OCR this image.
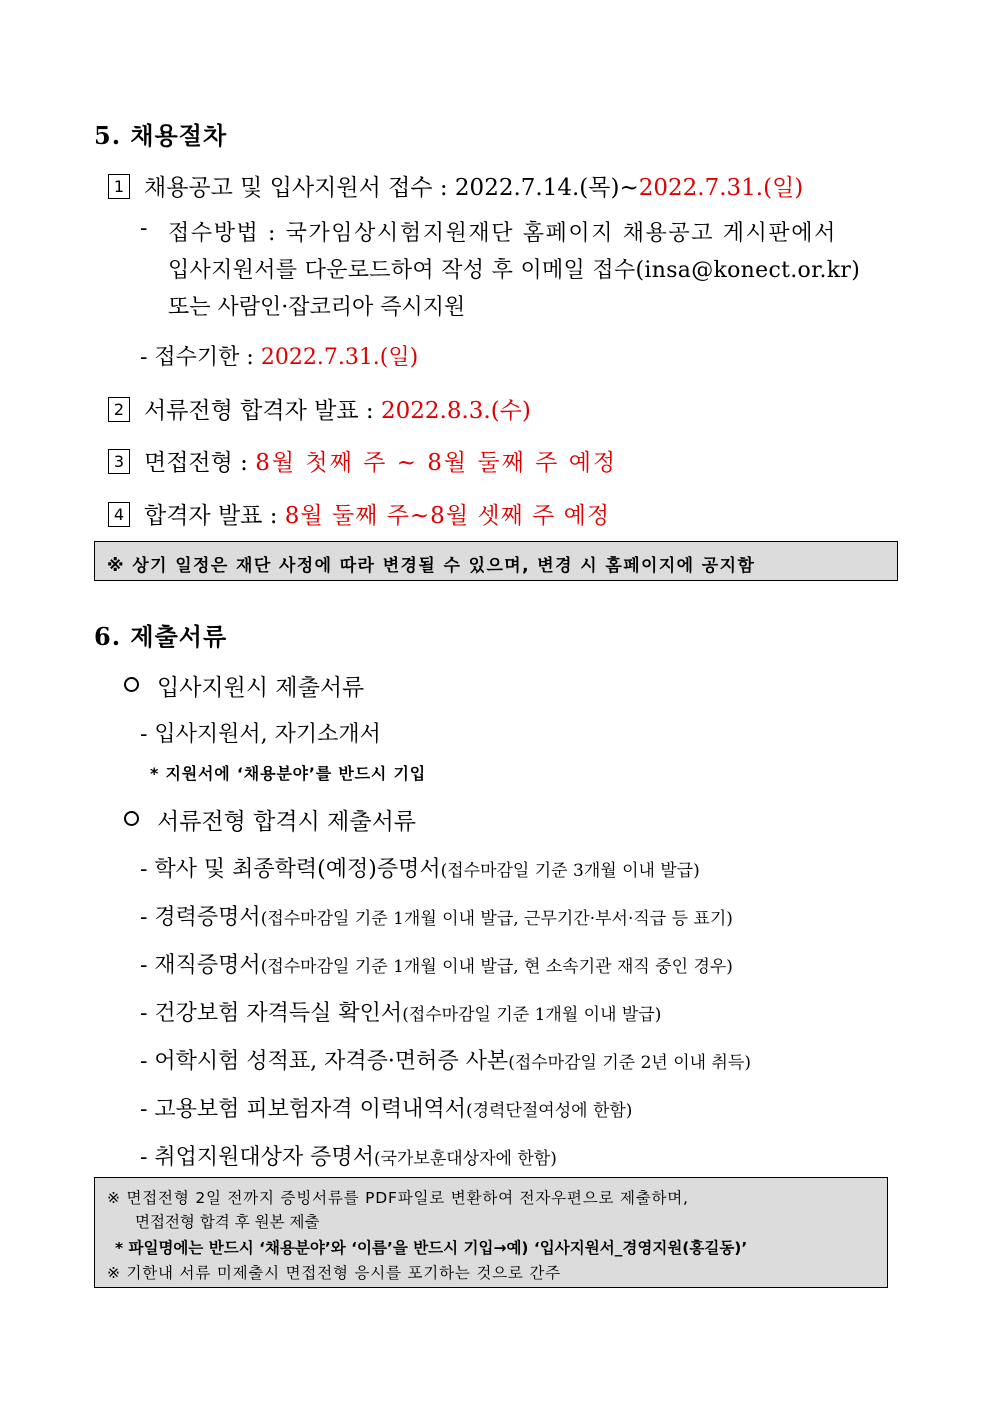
5. 채용절차
1 채용공고 및 입사지원서 접수 : 2022.7.14.(목)~2022.7.31.(일)
- 접수방법 : 국가임상시험지원재단 홈페이지 채용공고 게시판에서
입사지원서를 다운로드하여 작성 후 이메일 접수(insa@konect.or.kr)
또는 사람인·잡코리아 즉시지원
- 접수기한 : 2022.7.31.(일)
2 서류전형 합격자 발표 : 2022.8.3.(수)
3 면접전형 : 8월 첫째 주 ~ 8월 둘째 주 예정
4 합격자 발표 : 8월 둘째 주~8월 셋째 주 예정
※ 상기 일정은 재단 사정에 따라 변경될 수 있으며, 변경 시 홈페이지에 공지함
6. 제출서류
입사지원시 제출서류
- 입사지원서, 자기소개서
* 지원서에 ‘채용분야’를 반드시 기입
서류전형 합격시 제출서류
- 학사 및 최종학력(예정)증명서(접수마감일 기준 3개월 이내 발급)
- 경력증명서(접수마감일 기준 1개월 이내 발급, 근무기간·부서·직급 등 표기)
- 재직증명서(접수마감일 기준 1개월 이내 발급, 현 소속기관 재직 중인 경우)
- 건강보험 자격득실 확인서(접수마감일 기준 1개월 이내 발급)
- 어학시험 성적표, 자격증·면허증 사본(접수마감일 기준 2년 이내 취득)
- 고용보험 피보험자격 이력내역서(경력단절여성에 한함)
- 취업지원대상자 증명서(국가보훈대상자에 한함)
※ 면접전형 2일 전까지 증빙서류를 PDF파일로 변환하여 전자우편으로 제출하며,
면접전형 합격 후 원본 제출
* 파일명에는 반드시 ‘채용분야’와 ‘이름’을 반드시 기입→예) ‘입사지원서_경영지원(홍길동)’
※ 기한내 서류 미제출시 면접전형 응시를 포기하는 것으로 간주
